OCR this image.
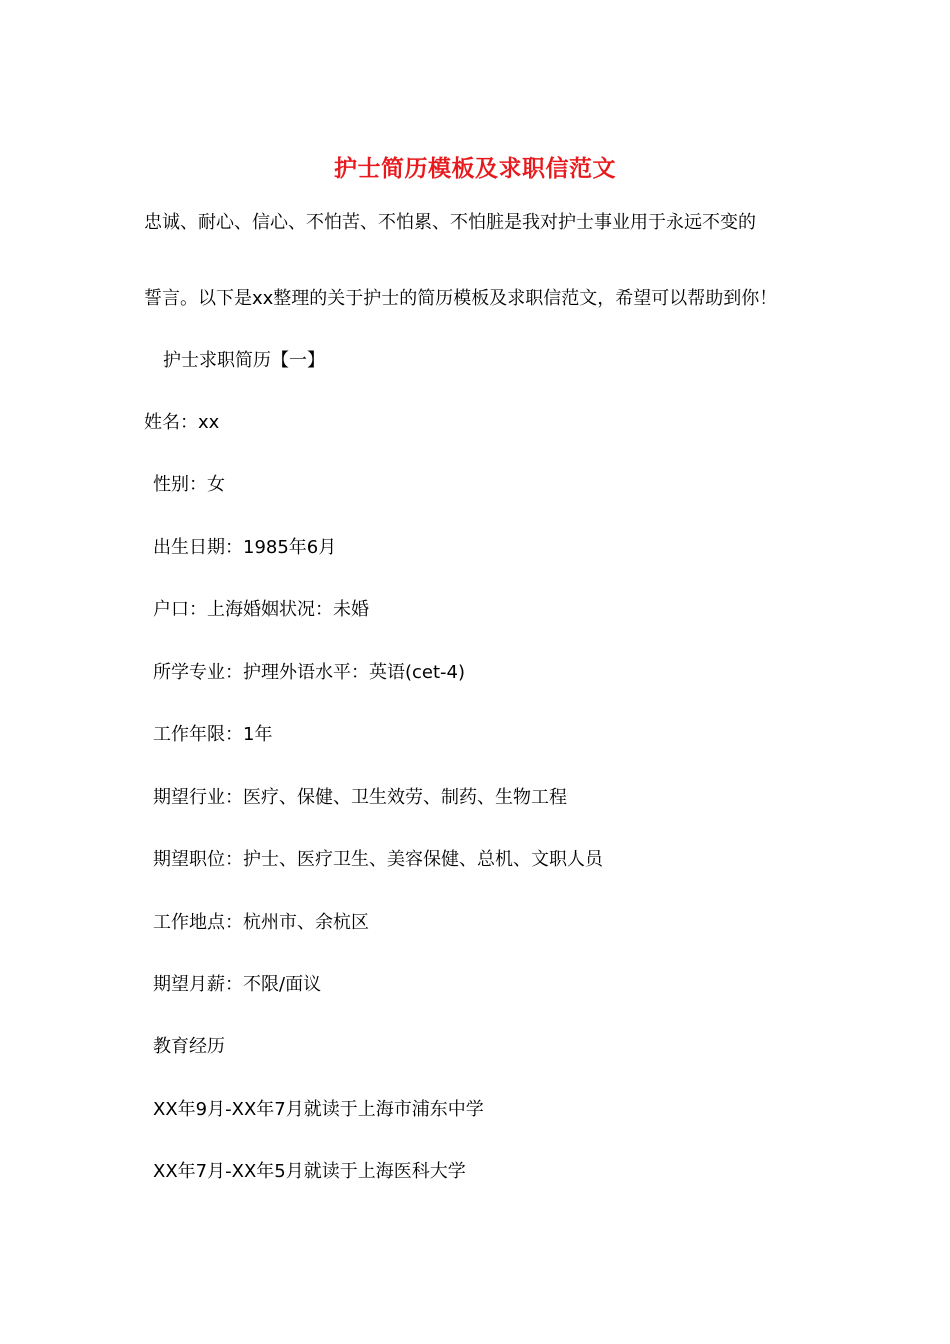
护士简历模板及求职信范文
忠诚、耐心、信心、不怕苦、不怕累、不怕脏是我对护士事业用于永远不变的
誓言。以下是xx整理的关于护士的简历模板及求职信范文，希望可以帮助到你！
护士求职简历【一】
姓名：xx
性别：女
出生日期：1985年6月
户口：上海婚姻状况：未婚
所学专业：护理外语水平：英语(cet-4)
工作年限：1年
期望行业：医疗、保健、卫生效劳、制药、生物工程
期望职位：护士、医疗卫生、美容保健、总机、文职人员
工作地点：杭州市、余杭区
期望月薪：不限/面议
教育经历
XX年9月-XX年7月就读于上海市浦东中学
XX年7月-XX年5月就读于上海医科大学
